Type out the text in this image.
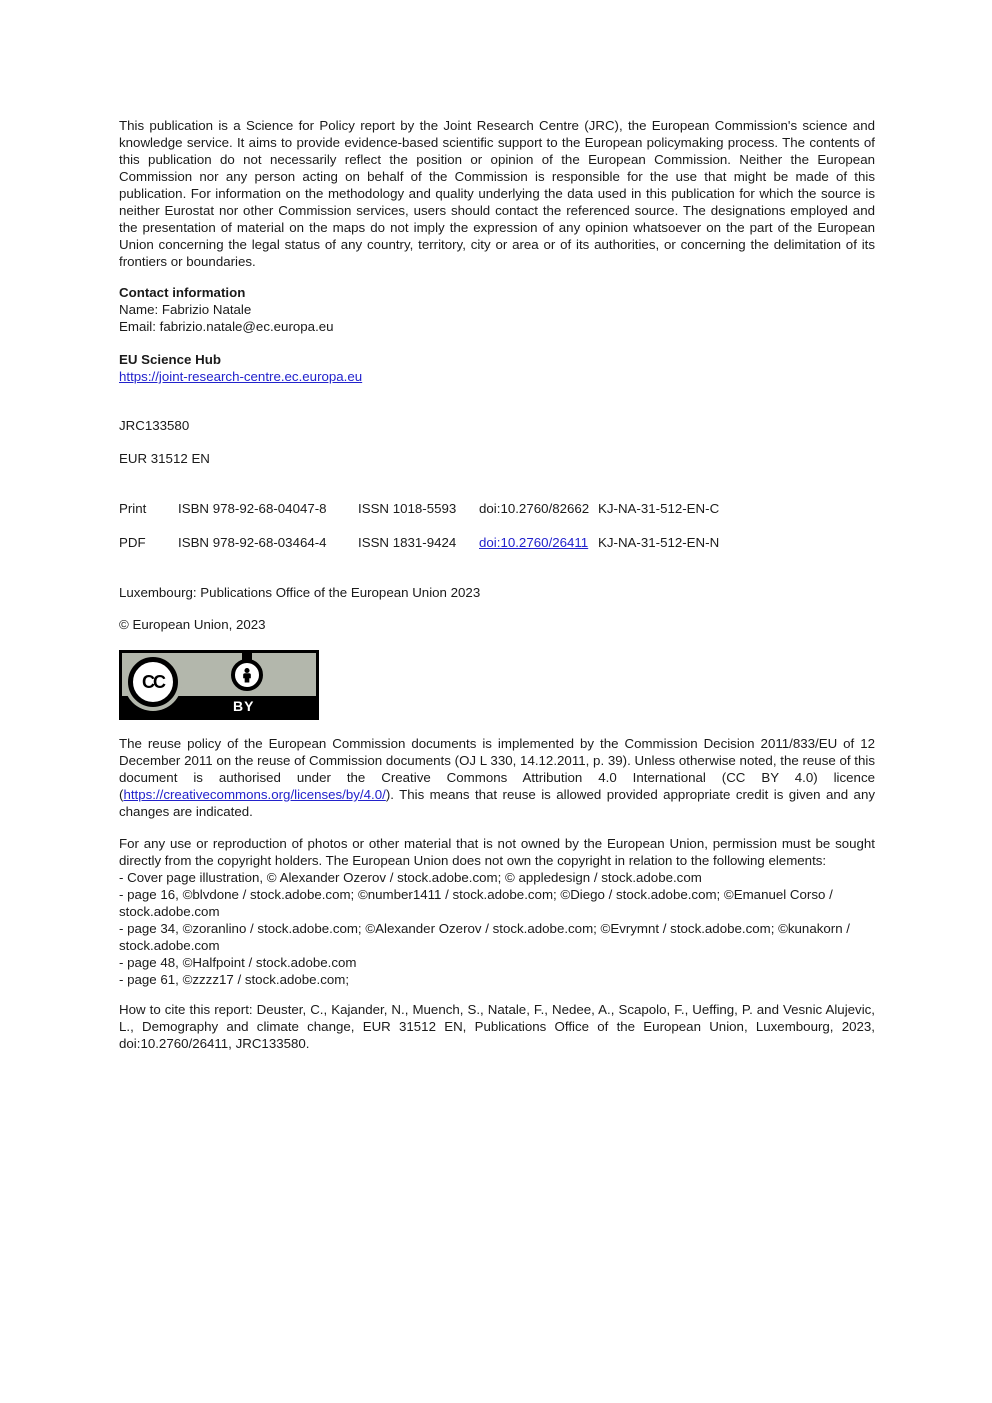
This publication is a Science for Policy report by the Joint Research Centre (JRC), the European Commission's science and knowledge service. It aims to provide evidence-based scientific support to the European policymaking process. The contents of this publication do not necessarily reflect the position or opinion of the European Commission. Neither the European Commission nor any person acting on behalf of the Commission is responsible for the use that might be made of this publication. For information on the methodology and quality underlying the data used in this publication for which the source is neither Eurostat nor other Commission services, users should contact the referenced source. The designations employed and the presentation of material on the maps do not imply the expression of any opinion whatsoever on the part of the European Union concerning the legal status of any country, territory, city or area or of its authorities, or concerning the delimitation of its frontiers or boundaries.

Contact information

Name: Fabrizio Natale

Email: fabrizio.natale@ec.europa.eu

EU Science Hub

https://joint-research-centre.ec.europa.eu

JRC133580

EUR 31512 EN

Print	ISBN 978-92-68-04047-8	ISSN 1018-5593	doi:10.2760/82662 KJ-NA-31-512-EN-C
PDF	ISBN 978-92-68-03464-4	ISSN 1831-9424	doi:10.2760/26411 KJ-NA-31-512-EN-N

Luxembourg: Publications Office of the European Union 2023

© European Union, 2023

CC
BY

The reuse policy of the European Commission documents is implemented by the Commission Decision 2011/833/EU of 12 December 2011 on the reuse of Commission documents (OJ L 330, 14.12.2011, p. 39). Unless otherwise noted, the reuse of this document is authorised under the Creative Commons Attribution 4.0 International (CC BY 4.0) licence (https://creativecommons.org/licenses/by/4.0/). This means that reuse is allowed provided appropriate credit is given and any changes are indicated.

For any use or reproduction of photos or other material that is not owned by the European Union, permission must be sought directly from the copyright holders. The European Union does not own the copyright in relation to the following elements:

- Cover page illustration, © Alexander Ozerov / stock.adobe.com; © appledesign / stock.adobe.com

- page 16, ©blvdone / stock.adobe.com; ©number1411 / stock.adobe.com; ©Diego / stock.adobe.com; ©Emanuel Corso / stock.adobe.com

- page 34, ©zoranlino / stock.adobe.com; ©Alexander Ozerov / stock.adobe.com; ©Evrymnt / stock.adobe.com; ©kunakorn / stock.adobe.com

- page 48, ©Halfpoint / stock.adobe.com

- page 61, ©zzzz17 / stock.adobe.com;

How to cite this report: Deuster, C., Kajander, N., Muench, S., Natale, F., Nedee, A., Scapolo, F., Ueffing, P. and Vesnic Alujevic, L., Demography and climate change, EUR 31512 EN, Publications Office of the European Union, Luxembourg, 2023, doi:10.2760/26411, JRC133580.
